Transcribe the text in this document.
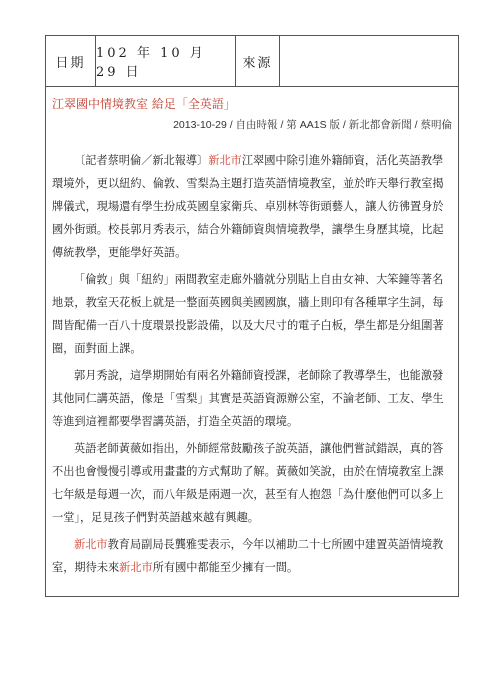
日期
102 年 10 月 29 日
來源
江翠國中情境教室 給足「全英語」
2013-10-29 / 自由時報 / 第 AA1S 版 / 新北都會新聞 / 蔡明倫

〔記者蔡明倫／新北報導〕新北市江翠國中除引進外籍師資，活化英語教學環境外，更以紐約、倫敦、雪梨為主題打造英語情境教室，並於昨天舉行教室揭牌儀式，現場還有學生扮成英國皇家衛兵、卓別林等街頭藝人，讓人彷彿置身於國外街頭。校長郭月秀表示，結合外籍師資與情境教學，讓學生身歷其境，比起傳統教學，更能學好英語。

「倫敦」與「紐約」兩間教室走廊外牆就分別貼上自由女神、大笨鐘等著名地景，教室天花板上就是一整面英國與美國國旗，牆上則印有各種單字生詞，每間皆配備一百八十度環景投影設備，以及大尺寸的電子白板，學生都是分組圍著圈，面對面上課。

郭月秀說，這學期開始有兩名外籍師資授課，老師除了教導學生，也能激發其他同仁講英語，像是「雪梨」其實是英語資源辦公室，不論老師、工友、學生等進到這裡都要學習講英語，打造全英語的環境。

英語老師黃薇如指出，外師經常鼓勵孩子說英語，讓他們嘗試錯誤，真的答不出也會慢慢引導或用畫畫的方式幫助了解。黃薇如笑說，由於在情境教室上課七年級是每週一次，而八年級是兩週一次，甚至有人抱怨「為什麼他們可以多上一堂」，足見孩子們對英語越來越有興趣。

新北市教育局副局長龔雅雯表示，今年以補助二十七所國中建置英語情境教室，期待未來新北市所有國中都能至少擁有一間。
